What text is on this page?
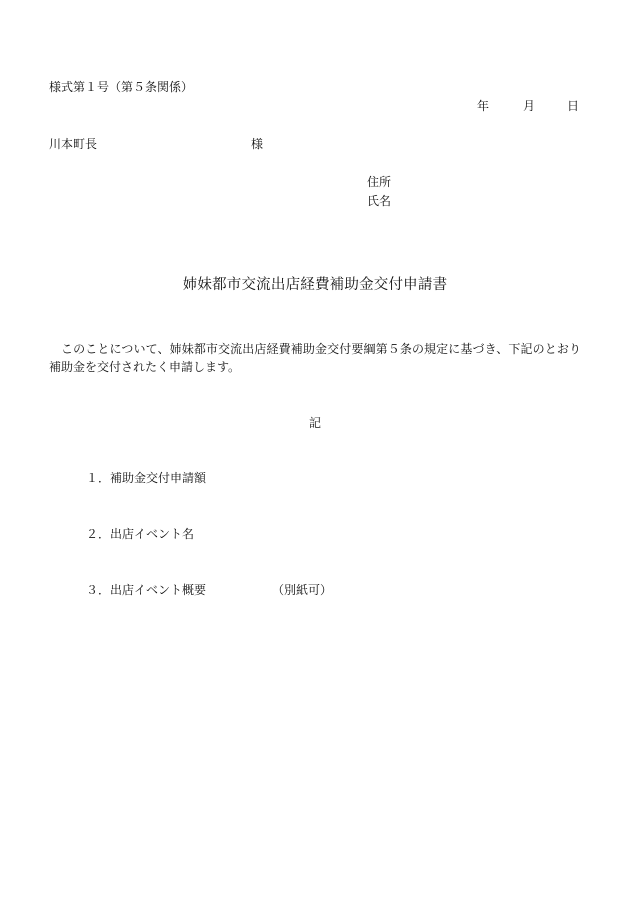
様式第１号（第５条関係）
年	月	日
川本町長	様
住所
氏名
姉妹都市交流出店経費補助金交付申請書
このことについて、姉妹都市交流出店経費補助金交付要綱第５条の規定に基づき、下記のとおり補助金を交付されたく申請します。
記
１．補助金交付申請額
２．出店イベント名
３．出店イベント概要	（別紙可）
